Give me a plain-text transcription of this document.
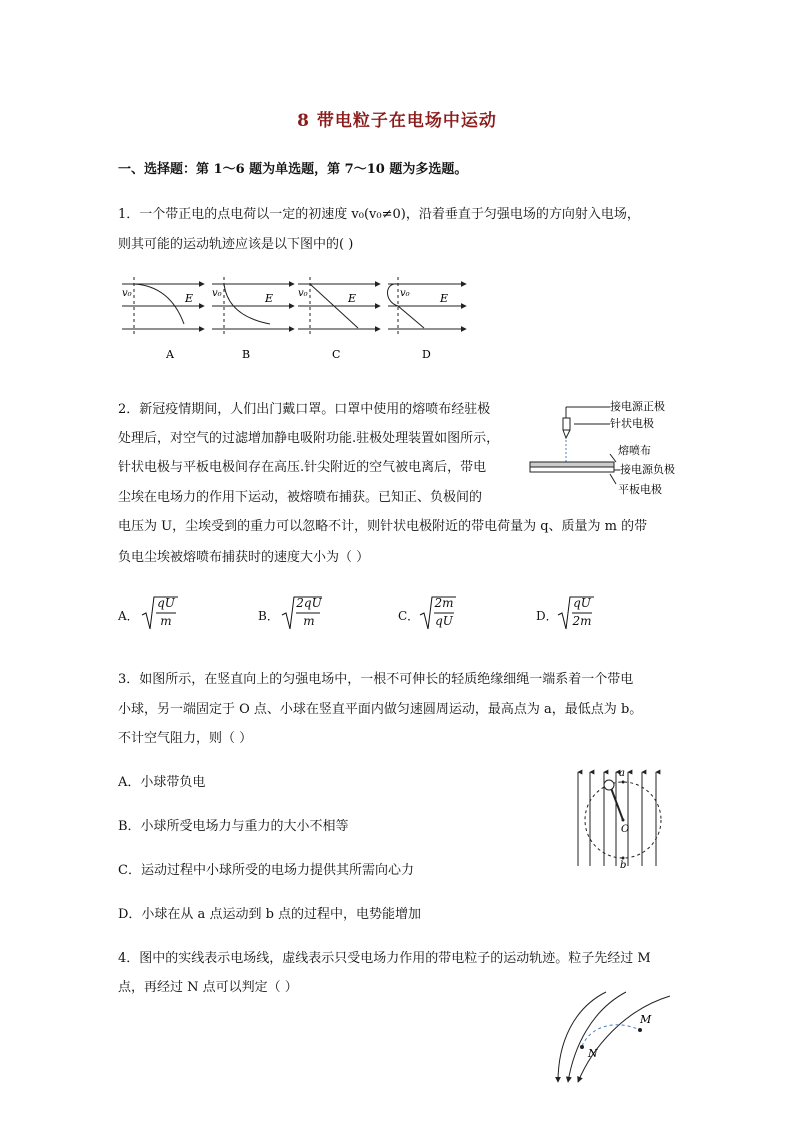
8 带电粒子在电场中运动
一、选择题：第 1～6 题为单选题，第 7～10 题为多选题。
1．一个带正电的点电荷以一定的初速度 v₀(v₀≠0)，沿着垂直于匀强电场的方向射入电场，
则其可能的运动轨迹应该是以下图中的( )
v₀	E
A
v₀	E
B
v₀	E
C
v₀	E
D
2．新冠疫情期间，人们出门戴口罩。口罩中使用的熔喷布经驻极
处理后，对空气的过滤增加静电吸附功能.驻极处理装置如图所示，
针状电极与平板电极间存在高压.针尖附近的空气被电离后，带电
尘埃在电场力的作用下运动，被熔喷布捕获。已知正、负极间的
电压为 U，尘埃受到的重力可以忽略不计，则针状电极附近的带电荷量为 q、质量为 m 的带
负电尘埃被熔喷布捕获时的速度大小为（ ）
接电源正极
针状电极
熔喷布
接电源负极
平板电极
A．
qU
m	B．
2qU
m	C．
2m
qU	D．
qU
2m
3．如图所示，在竖直向上的匀强电场中，一根不可伸长的轻质绝缘细绳一端系着一个带电
小球，另一端固定于 O 点、小球在竖直平面内做匀速圆周运动，最高点为 a，最低点为 b。
不计空气阻力，则（ ）
A．小球带负电
B．小球所受电场力与重力的大小不相等
C．运动过程中小球所受的电场力提供其所需向心力
D．小球在从 a 点运动到 b 点的过程中，电势能增加
a
b
O
4．图中的实线表示电场线，虚线表示只受电场力作用的带电粒子的运动轨迹。粒子先经过 M
点，再经过 N 点可以判定（ ）
N
M
